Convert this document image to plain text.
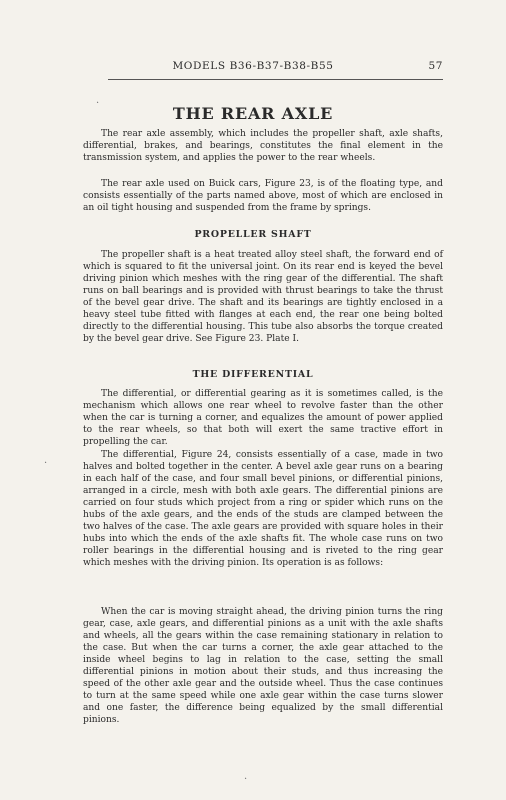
MODELS B36-B37-B38-B55	57
THE REAR AXLE

The rear axle assembly, which includes the propeller shaft, axle shafts, differential, brakes, and bearings, constitutes the final element in the transmission system, and applies the power to the rear wheels.

The rear axle used on Buick cars, Figure 23, is of the floating type, and consists essentially of the parts named above, most of which are enclosed in an oil tight housing and suspended from the frame by springs.

PROPELLER SHAFT

The propeller shaft is a heat treated alloy steel shaft, the forward end of which is squared to fit the universal joint. On its rear end is keyed the bevel driving pinion which meshes with the ring gear of the differential. The shaft runs on ball bearings and is provided with thrust bearings to take the thrust of the bevel gear drive. The shaft and its bearings are tightly enclosed in a heavy steel tube fitted with flanges at each end, the rear one being bolted directly to the differential housing. This tube also absorbs the torque created by the bevel gear drive. See Figure 23. Plate I.

THE DIFFERENTIAL

The differential, or differential gearing as it is sometimes called, is the mechanism which allows one rear wheel to revolve faster than the other when the car is turning a corner, and equalizes the amount of power applied to the rear wheels, so that both will exert the same tractive effort in propelling the car.

The differential, Figure 24, consists essentially of a case, made in two halves and bolted together in the center. A bevel axle gear runs on a bearing in each half of the case, and four small bevel pinions, or differential pinions, arranged in a circle, mesh with both axle gears. The differential pinions are carried on four studs which project from a ring or spider which runs on the hubs of the axle gears, and the ends of the studs are clamped between the two halves of the case. The axle gears are provided with square holes in their hubs into which the ends of the axle shafts fit. The whole case runs on two roller bearings in the differential housing and is riveted to the ring gear which meshes with the driving pinion. Its operation is as follows:

When the car is moving straight ahead, the driving pinion turns the ring gear, case, axle gears, and differential pinions as a unit with the axle shafts and wheels, all the gears within the case remaining stationary in relation to the case. But when the car turns a corner, the axle gear attached to the inside wheel begins to lag in relation to the case, setting the small differential pinions in motion about their studs, and thus increasing the speed of the other axle gear and the outside wheel. Thus the case continues to turn at the same speed while one axle gear within the case turns slower and one faster, the difference being equalized by the small differential pinions.

·
·
·
